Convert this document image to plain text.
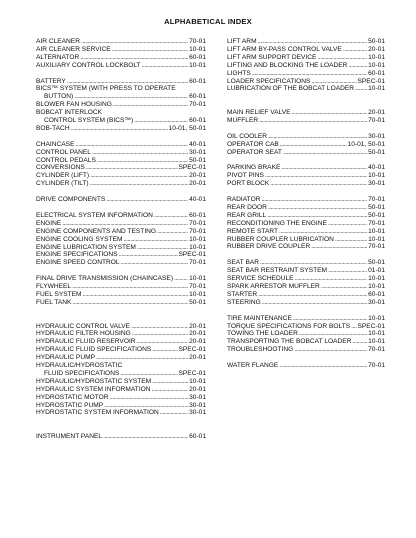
ALPHABETICAL INDEX
AIR CLEANER .....	70-01
AIR CLEANER SERVICE .....	10-01
ALTERNATOR .....	60-01
AUXILIARY CONTROL LOCKBOLT .....	10-01
BATTERY .....	60-01
BICS™ SYSTEM (WITH PRESS TO OPERATE
BUTTON) .....	60-01
BLOWER FAN HOUSING .....	70-01
BOBCAT INTERLOCK
CONTROL SYSTEM (BICS™) .....	60-01
BOB-TACH .....	10-01, 50-01
CHAINCASE .....	40-01
CONTROL PANEL .....	30-01
CONTROL PEDALS .....	50-01
CONVERSIONS .....	SPEC-01
CYLINDER (LIFT) .....	20-01
CYLINDER (TILT) .....	20-01
DRIVE COMPONENTS .....	40-01
ELECTRICAL SYSTEM INFORMATION .....	60-01
ENGINE .....	70-01
ENGINE COMPONENTS AND TESTING .....	70-01
ENGINE COOLING SYSTEM .....	10-01
ENGINE LUBRICATION SYSTEM .....	10-01
ENGINE SPECIFICATIONS .....	SPEC-01
ENGINE SPEED CONTROL .....	70-01
FINAL DRIVE TRANSMISSION (CHAINCASE) ..... 10-01
FLYWHEEL .....	70-01
FUEL SYSTEM .....	10-01
FUEL TANK .....	50-01
HYDRAULIC CONTROL VALVE .....	20-01
HYDRAULIC FILTER HOUSING .....	20-01
HYDRAULIC FLUID RESERVOIR .....	20-01
HYDRAULIC FLUID SPECIFICATIONS .....	SPEC-01
HYDRAULIC PUMP .....	20-01
HYDRAULIC/HYDROSTATIC
FLUID SPECIFICATIONS .....	SPEC-01
HYDRAULIC/HYDROSTATIC SYSTEM .....	10-01
HYDRAULIC SYSTEM INFORMATION .....	20-01
HYDROSTATIC MOTOR .....	30-01
HYDROSTATIC PUMP .....	30-01
HYDROSTATIC SYSTEM INFORMATION .....	30-01
INSTRUMENT PANEL .....	60-01
LIFT ARM .....	50-01
LIFT ARM BY-PASS CONTROL VALVE .....	20-01
LIFT ARM SUPPORT DEVICE .....	10-01
LIFTING AND BLOCKING THE LOADER .....	10-01
LIGHTS .....	60-01
LOADER SPECIFICATIONS .....	SPEC-01
LUBRICATION OF THE BOBCAT LOADER ..... 10-01
MAIN RELIEF VALVE .....	20-01
MUFFLER .....	70-01
OIL COOLER .....	30-01
OPERATOR CAB .....	10-01, 50-01
OPERATOR SEAT .....	50-01
PARKING BRAKE .....	40-01
PIVOT PINS .....	10-01
PORT BLOCK .....	30-01
RADIATOR .....	70-01
REAR DOOR .....	50-01
REAR GRILL .....	50-01
RECONDITIONING THE ENGINE .....	70-01
REMOTE START .....	10-01
RUBBER COUPLER LUBRICATION .....	10-01
RUBBER DRIVE COUPLER .....	70-01
SEAT BAR .....	50-01
SEAT BAR RESTRAINT SYSTEM .....	01-01
SERVICE SCHEDULE .....	10-01
SPARK ARRESTOR MUFFLER .....	10-01
STARTER .....	60-01
STEERING .....	30-01
TIRE MAINTENANCE .....	10-01
TORQUE SPECIFICATIONS FOR BOLTS ..... SPEC-01
TOWING THE LOADER .....	10-01
TRANSPORTING THE BOBCAT LOADER .....	10-01
TROUBLESHOOTING .....	70-01
WATER FLANGE .....	70-01
